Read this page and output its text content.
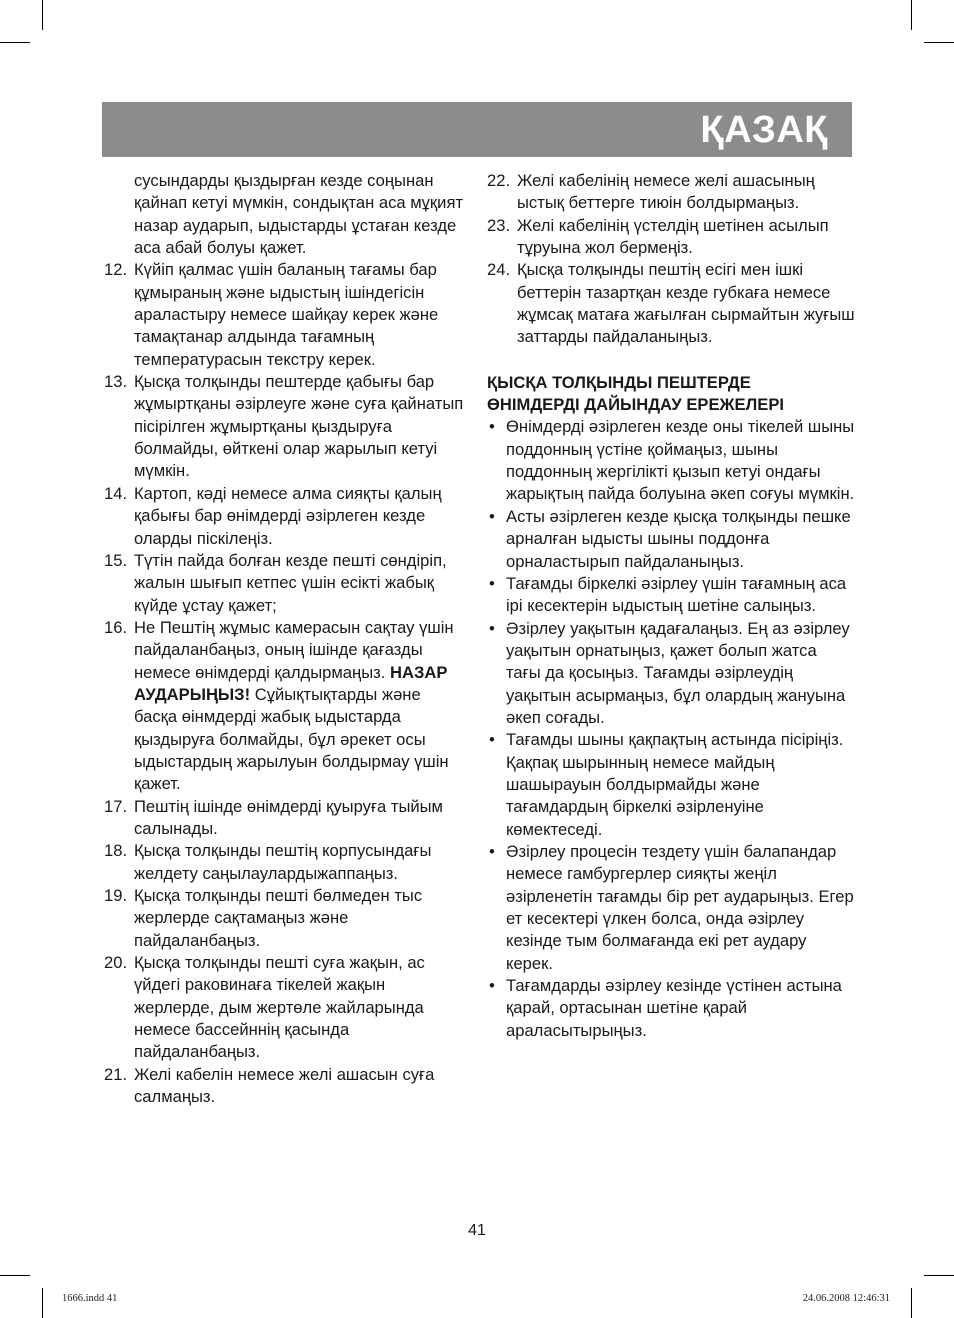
ҚАЗАҚ
сусындарды қыздырған кезде соңынан қайнап кетуі мүмкін, сондықтан аса мұқият назар аударып, ыдыстарды ұстаған кезде аса абай болуы қажет.
12. Күйіп қалмас үшін баланың тағамы бар құмыраның және ыдыстың ішіндегісін араластыру немесе шайқау керек және тамақтанар алдында тағамның температурасын текстру керек.
13. Қысқа толқынды пештерде қабығы бар жұмыртқаны әзірлеуге және суға қайнатып пісірілген жұмыртқаны қыздыруға болмайды, өйткені олар жарылып кетуі мүмкін.
14. Картоп, кәді немесе алма сияқты қалың қабығы бар өнімдерді әзірлеген кезде оларды піскілеңіз.
15. Түтін пайда болған кезде пешті сөндіріп, жалын шығып кетпес үшін есікті жабық күйде ұстау қажет;
16. Не Пештің жұмыс камерасын сақтау үшін пайдаланбаңыз, оның ішінде қағазды немесе өнімдерді қалдырмаңыз. НАЗАР АУДАРЫҢЫЗ! Сұйықтықтарды және басқа өінмдерді жабық ыдыстарда қыздыруға болмайды, бұл әрекет осы ыдыстардың жарылуын болдырмау үшін қажет.
17. Пештің ішінде өнімдерді қуыруға тыйым салынады.
18. Қысқа толқынды пештің корпусындағы желдету саңылаулардыжаппаңыз.
19. Қысқа толқынды пешті бөлмеден тыс жерлерде сақтамаңыз және пайдаланбаңыз.
20. Қысқа толқынды пешті суға жақын, ас үйдегі раковинаға тікелей жақын жерлерде, дым жертөле жайларында немесе бассейннің қасында пайдаланбаңыз.
21. Желі кабелін немесе желі ашасын суға салмаңыз.
22. Желі кабелінің немесе желі ашасының ыстық беттерге тиюін болдырмаңыз.
23. Желі кабелінің үстелдің шетінен асылып тұруына жол бермеңіз.
24. Қысқа толқынды пештің есігі мен ішкі беттерін тазартқан кезде губкаға немесе жұмсақ матаға жағылған сырмайтын жуғыш заттарды пайдаланыңыз.
ҚЫСҚА ТОЛҚЫНДЫ ПЕШТЕРДЕ
ӨНІМДЕРДІ ДАЙЫНДАУ ЕРЕЖЕЛЕРІ
• Өнімдерді әзірлеген кезде оны тікелей шыны поддонның үстіне қоймаңыз, шыны поддонның жергілікті қызып кетуі ондағы жарықтың пайда болуына әкеп соғуы мүмкін.
• Асты әзірлеген кезде қысқа толқынды пешке арналған ыдысты шыны поддонға орналастырып пайдаланыңыз.
• Тағамды біркелкі әзірлеу үшін тағамның аса ірі кесектерін ыдыстың шетіне салыңыз.
• Әзірлеу уақытын қадағалаңыз. Ең аз әзірлеу уақытын орнатыңыз, қажет болып жатса тағы да қосыңыз. Тағамды әзірлеудің уақытын асырмаңыз, бұл олардың жануына әкеп соғады.
• Тағамды шыны қақпақтың астында пісіріңіз. Қақпақ шырынның немесе майдың шашырауын болдырмайды және тағамдардың біркелкі әзірленуіне көмектеседі.
• Әзірлеу процесін тездету үшін балапандар немесе гамбургерлер сияқты жеңіл әзірленетін тағамды бір рет аударыңыз. Егер ет кесектері үлкен болса, онда әзірлеу кезінде тым болмағанда екі рет аудару керек.
• Тағамдарды әзірлеу кезінде үстінен астына қарай, ортасынан шетіне қарай араласытырыңыз.
41
1666.indd 41	24.06.2008 12:46:31
